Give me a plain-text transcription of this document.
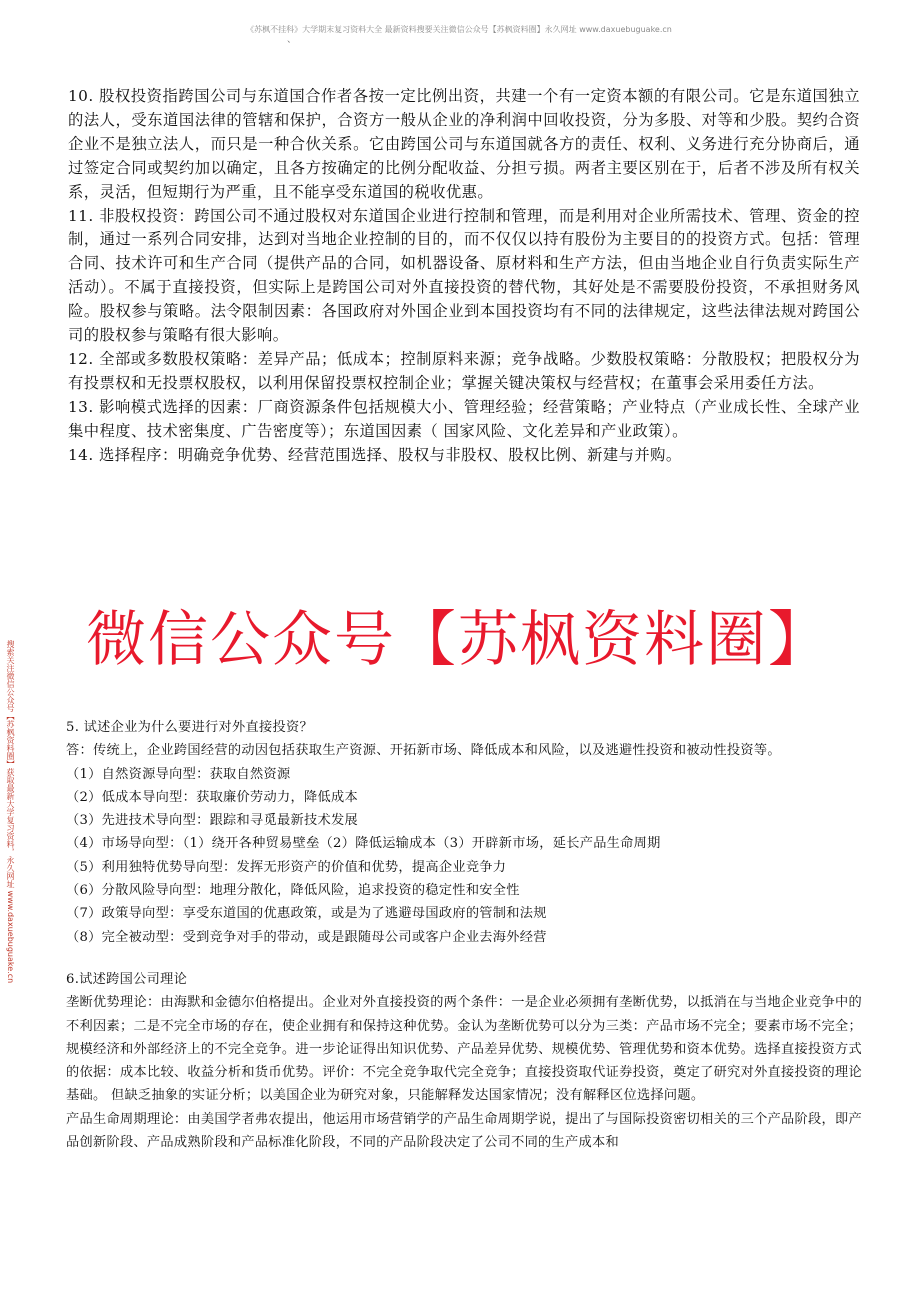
《苏枫不挂科》大学期末复习资料大全 最新资料搜要关注微信公众号【苏枫资料圈】永久网址 www.daxuebuguake.cn
、
搜索关注微信公众号【苏枫资料圈】获取最新大学复习资料，永久网址 www.daxuebuguake.cn

10. 股权投资指跨国公司与东道国合作者各按一定比例出资，共建一个有一定资本额的有限公司。它是东道国独立的法人，受东道国法律的管辖和保护，合资方一般从企业的净利润中回收投资，分为多股、对等和少股。契约合资企业不是独立法人，而只是一种合伙关系。它由跨国公司与东道国就各方的责任、权利、义务进行充分协商后，通过签定合同或契约加以确定，且各方按确定的比例分配收益、分担亏损。两者主要区别在于，后者不涉及所有权关系，灵活，但短期行为严重，且不能享受东道国的税收优惠。

11. 非股权投资：跨国公司不通过股权对东道国企业进行控制和管理，而是利用对企业所需技术、管理、资金的控制，通过一系列合同安排，达到对当地企业控制的目的，而不仅仅以持有股份为主要目的的投资方式。包括：管理合同、技术许可和生产合同（提供产品的合同，如机器设备、原材料和生产方法，但由当地企业自行负责实际生产活动）。不属于直接投资，但实际上是跨国公司对外直接投资的替代物，其好处是不需要股份投资，不承担财务风险。股权参与策略。法令限制因素：各国政府对外国企业到本国投资均有不同的法律规定，这些法律法规对跨国公司的股权参与策略有很大影响。

12. 全部或多数股权策略：差异产品；低成本；控制原料来源；竞争战略。少数股权策略：分散股权；把股权分为有投票权和无投票权股权，以利用保留投票权控制企业；掌握关键决策权与经营权；在董事会采用委任方法。

13. 影响模式选择的因素：厂商资源条件包括规模大小、管理经验；经营策略；产业特点（产业成长性、全球产业集中程度、技术密集度、广告密度等）；东道国因素（ 国家风险、文化差异和产业政策）。

14. 选择程序：明确竞争优势、经营范围选择、股权与非股权、股权比例、新建与并购。

微信公众号【苏枫资料圈】

5. 试述企业为什么要进行对外直接投资？

答：传统上，企业跨国经营的动因包括获取生产资源、开拓新市场、降低成本和风险，以及逃避性投资和被动性投资等。

（1）自然资源导向型：获取自然资源

（2）低成本导向型：获取廉价劳动力，降低成本

（3）先进技术导向型：跟踪和寻觅最新技术发展

（4）市场导向型：（1）绕开各种贸易壁垒（2）降低运输成本（3）开辟新市场，延长产品生命周期

（5）利用独特优势导向型：发挥无形资产的价值和优势，提高企业竞争力

（6）分散风险导向型：地理分散化，降低风险，追求投资的稳定性和安全性

（7）政策导向型：享受东道国的优惠政策，或是为了逃避母国政府的管制和法规

（8）完全被动型：受到竞争对手的带动，或是跟随母公司或客户企业去海外经营

6.试述跨国公司理论

垄断优势理论：由海默和金德尔伯格提出。企业对外直接投资的两个条件：一是企业必须拥有垄断优势，以抵消在与当地企业竞争中的不利因素；二是不完全市场的存在，使企业拥有和保持这种优势。金认为垄断优势可以分为三类：产品市场不完全；要素市场不完全；规模经济和外部经济上的不完全竞争。进一步论证得出知识优势、产品差异优势、规模优势、管理优势和资本优势。选择直接投资方式的依据：成本比较、收益分析和货币优势。评价：不完全竞争取代完全竞争；直接投资取代证券投资，奠定了研究对外直接投资的理论基础。 但缺乏抽象的实证分析；以美国企业为研究对象，只能解释发达国家情况；没有解释区位选择问题。

产品生命周期理论：由美国学者弗农提出，他运用市场营销学的产品生命周期学说，提出了与国际投资密切相关的三个产品阶段，即产品创新阶段、产品成熟阶段和产品标准化阶段，不同的产品阶段决定了公司不同的生产成本和
